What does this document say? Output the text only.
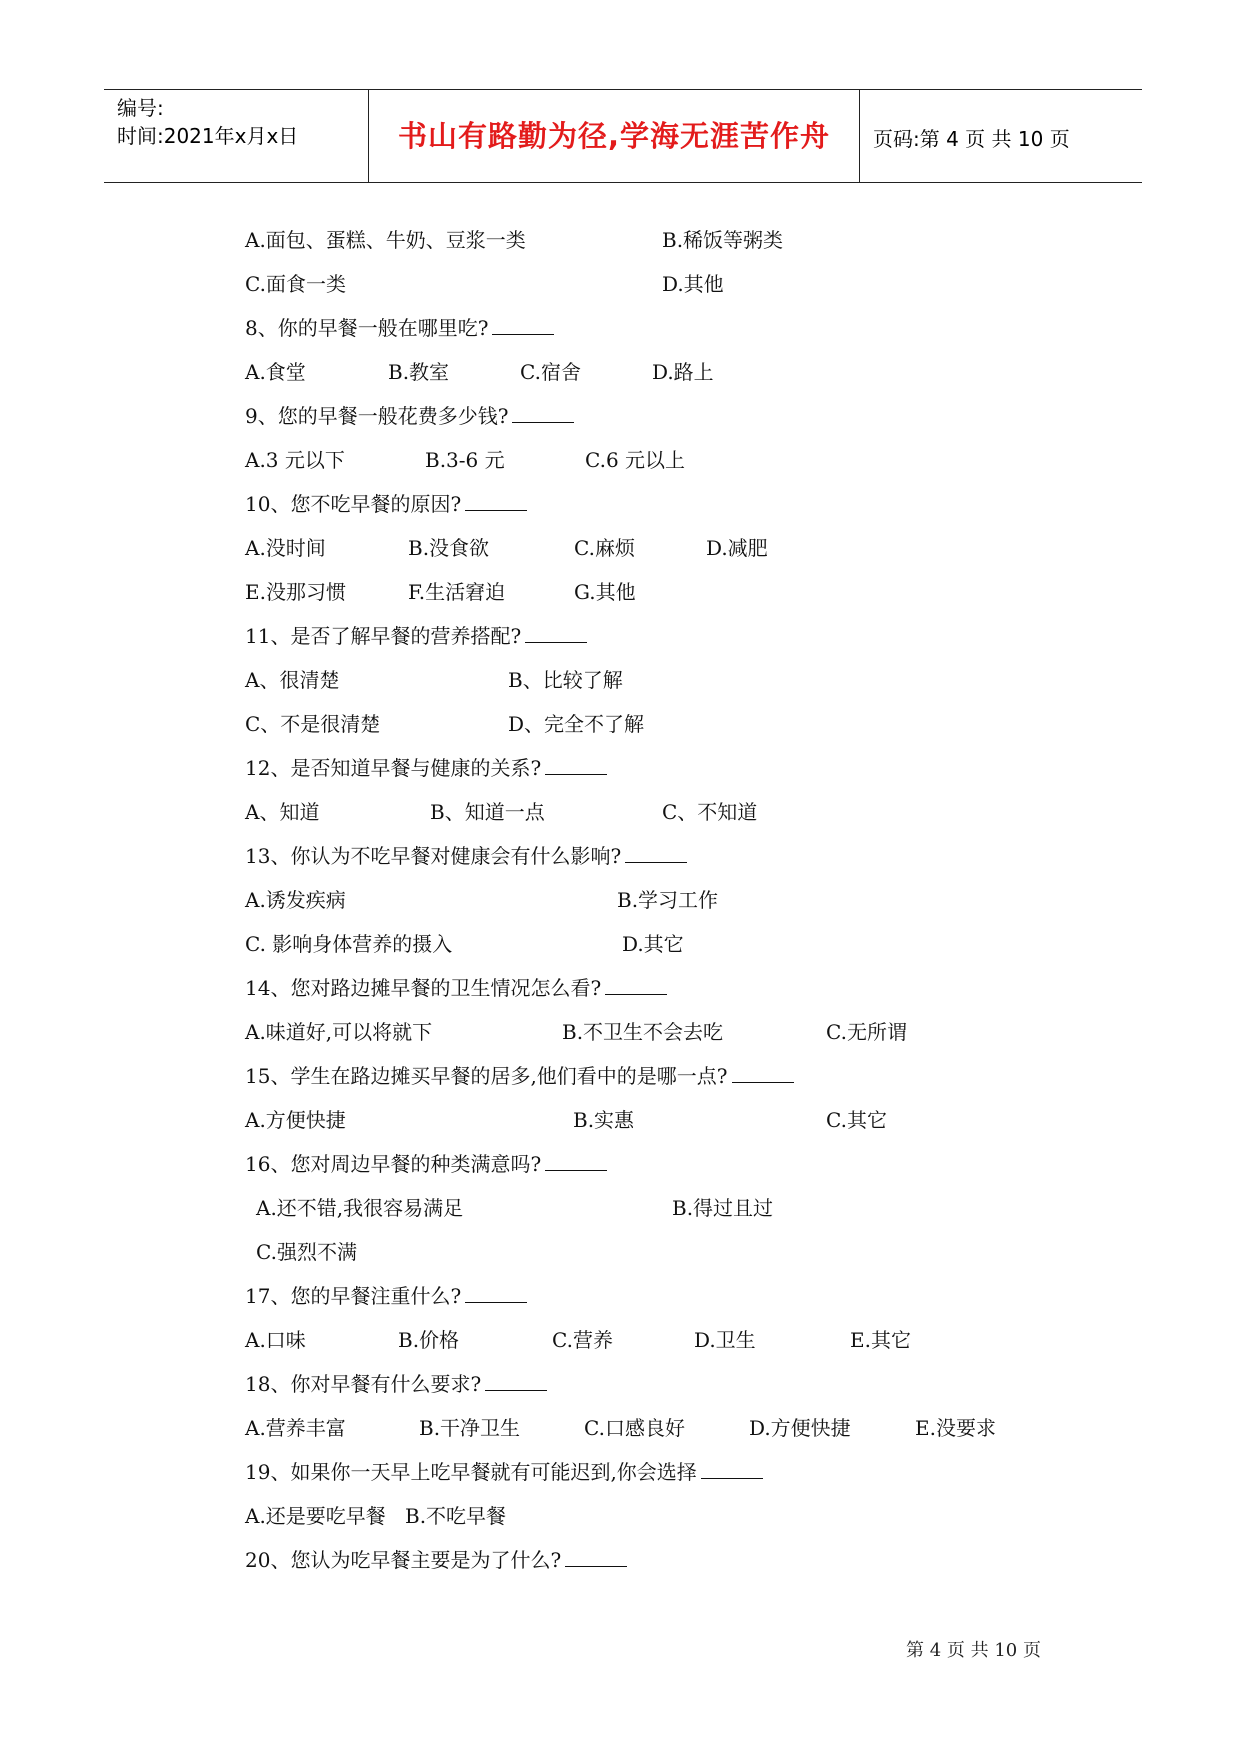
编号:
时间:2021年x月x日	书山有路勤为径,学海无涯苦作舟	页码:第 4 页 共 10 页
A.面包、蛋糕、牛奶、豆浆一类	B.稀饭等粥类
C.面食一类	D.其他
8、你的早餐一般在哪里吃?
A.食堂	B.教室	C.宿舍	D.路上
9、您的早餐一般花费多少钱?
A.3 元以下	B.3-6 元	C.6 元以上
10、您不吃早餐的原因?
A.没时间	B.没食欲	C.麻烦	D.减肥
E.没那习惯	F.生活窘迫	G.其他
11、是否了解早餐的营养搭配?
A、很清楚	B、比较了解
C、不是很清楚	D、完全不了解
12、是否知道早餐与健康的关系?
A、知道	B、知道一点	C、不知道
13、你认为不吃早餐对健康会有什么影响?
A.诱发疾病	B.学习工作
C. 影响身体营养的摄入	D.其它
14、您对路边摊早餐的卫生情况怎么看?
A.味道好,可以将就下	B.不卫生不会去吃	C.无所谓
15、学生在路边摊买早餐的居多,他们看中的是哪一点?
A.方便快捷	B.实惠	C.其它
16、您对周边早餐的种类满意吗?
A.还不错,我很容易满足	B.得过且过
C.强烈不满
17、您的早餐注重什么?
A.口味	B.价格	C.营养	D.卫生	E.其它
18、你对早餐有什么要求?
A.营养丰富	B.干净卫生	C.口感良好	D.方便快捷	E.没要求
19、如果你一天早上吃早餐就有可能迟到,你会选择
A.还是要吃早餐 B.不吃早餐
20、您认为吃早餐主要是为了什么?
第 4 页 共 10 页
